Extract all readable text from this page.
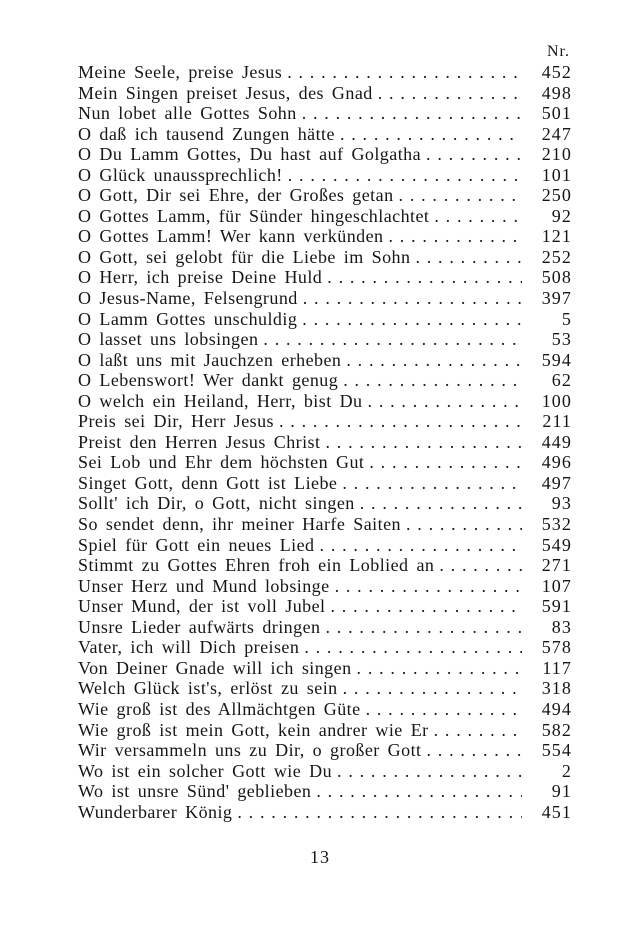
Nr.
Meine Seele, preise Jesus . . .	452
Mein Singen preiset Jesus, des Gnad . . .	498
Nun lobet alle Gottes Sohn . . .	501
O daß ich tausend Zungen hätte . . .	247
O Du Lamm Gottes, Du hast auf Golgatha . . .	210
O Glück unaussprechlich! . . .	101
O Gott, Dir sei Ehre, der Großes getan . . .	250
O Gottes Lamm, für Sünder hingeschlachtet . . .	92
O Gottes Lamm! Wer kann verkünden . . .	121
O Gott, sei gelobt für die Liebe im Sohn . . .	252
O Herr, ich preise Deine Huld . . .	508
O Jesus-Name, Felsengrund . . .	397
O Lamm Gottes unschuldig . . .	5
O lasset uns lobsingen . . .	53
O laßt uns mit Jauchzen erheben . . .	594
O Lebenswort! Wer dankt genug . . .	62
O welch ein Heiland, Herr, bist Du . . .	100
Preis sei Dir, Herr Jesus . . .	211
Preist den Herren Jesus Christ . . .	449
Sei Lob und Ehr dem höchsten Gut . . .	496
Singet Gott, denn Gott ist Liebe . . .	497
Sollt' ich Dir, o Gott, nicht singen . . .	93
So sendet denn, ihr meiner Harfe Saiten . . .	532
Spiel für Gott ein neues Lied . . .	549
Stimmt zu Gottes Ehren froh ein Loblied an . . .	271
Unser Herz und Mund lobsinge . . .	107
Unser Mund, der ist voll Jubel . . .	591
Unsre Lieder aufwärts dringen . . .	83
Vater, ich will Dich preisen . . .	578
Von Deiner Gnade will ich singen . . .	117
Welch Glück ist's, erlöst zu sein . . .	318
Wie groß ist des Allmächtgen Güte . . .	494
Wie groß ist mein Gott, kein andrer wie Er . . .	582
Wir versammeln uns zu Dir, o großer Gott . . .	554
Wo ist ein solcher Gott wie Du . . .	2
Wo ist unsre Sünd' geblieben . . .	91
Wunderbarer König . . .	451
13
